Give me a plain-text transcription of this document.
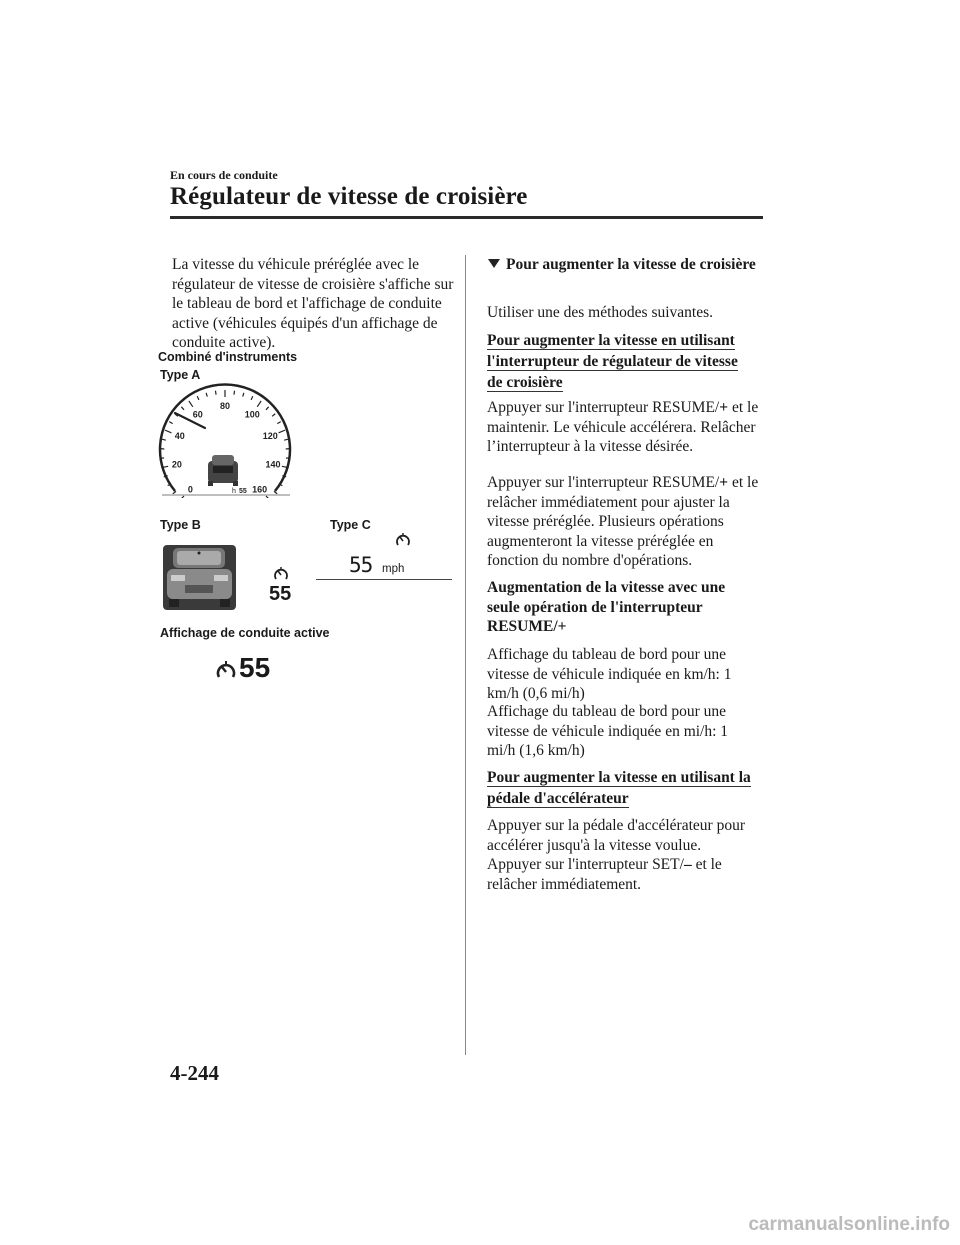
En cours de conduite
Régulateur de vitesse de croisière

La vitesse du véhicule préréglée avec le régulateur de vitesse de croisière s'affiche sur le tableau de bord et l'affichage de conduite active (véhicules équipés d'un affichage de conduite active).

Combiné d'instruments
Type A
0
20
40
60
80
100
120
140
160
h 55
Type B	Type C
55
55 mph
Affichage de conduite active
55

Pour augmenter la vitesse de croisière

Utiliser une des méthodes suivantes.

Pour augmenter la vitesse en utilisant l'interrupteur de régulateur de vitesse de croisière

Appuyer sur l'interrupteur RESUME/+ et le maintenir. Le véhicule accélérera. Relâcher l’interrupteur à la vitesse désirée.

Appuyer sur l'interrupteur RESUME/+ et le relâcher immédiatement pour ajuster la vitesse préréglée. Plusieurs opérations augmenteront la vitesse préréglée en fonction du nombre d'opérations.

Augmentation de la vitesse avec une seule opération de l'interrupteur RESUME/+

Affichage du tableau de bord pour une vitesse de véhicule indiquée en km/h: 1 km/h (0,6 mi/h)

Affichage du tableau de bord pour une vitesse de véhicule indiquée en mi/h: 1 mi/h (1,6 km/h)

Pour augmenter la vitesse en utilisant la pédale d'accélérateur

Appuyer sur la pédale d'accélérateur pour accélérer jusqu'à la vitesse voulue.

Appuyer sur l'interrupteur SET/– et le relâcher immédiatement.

4-244
carmanualsonline.info
